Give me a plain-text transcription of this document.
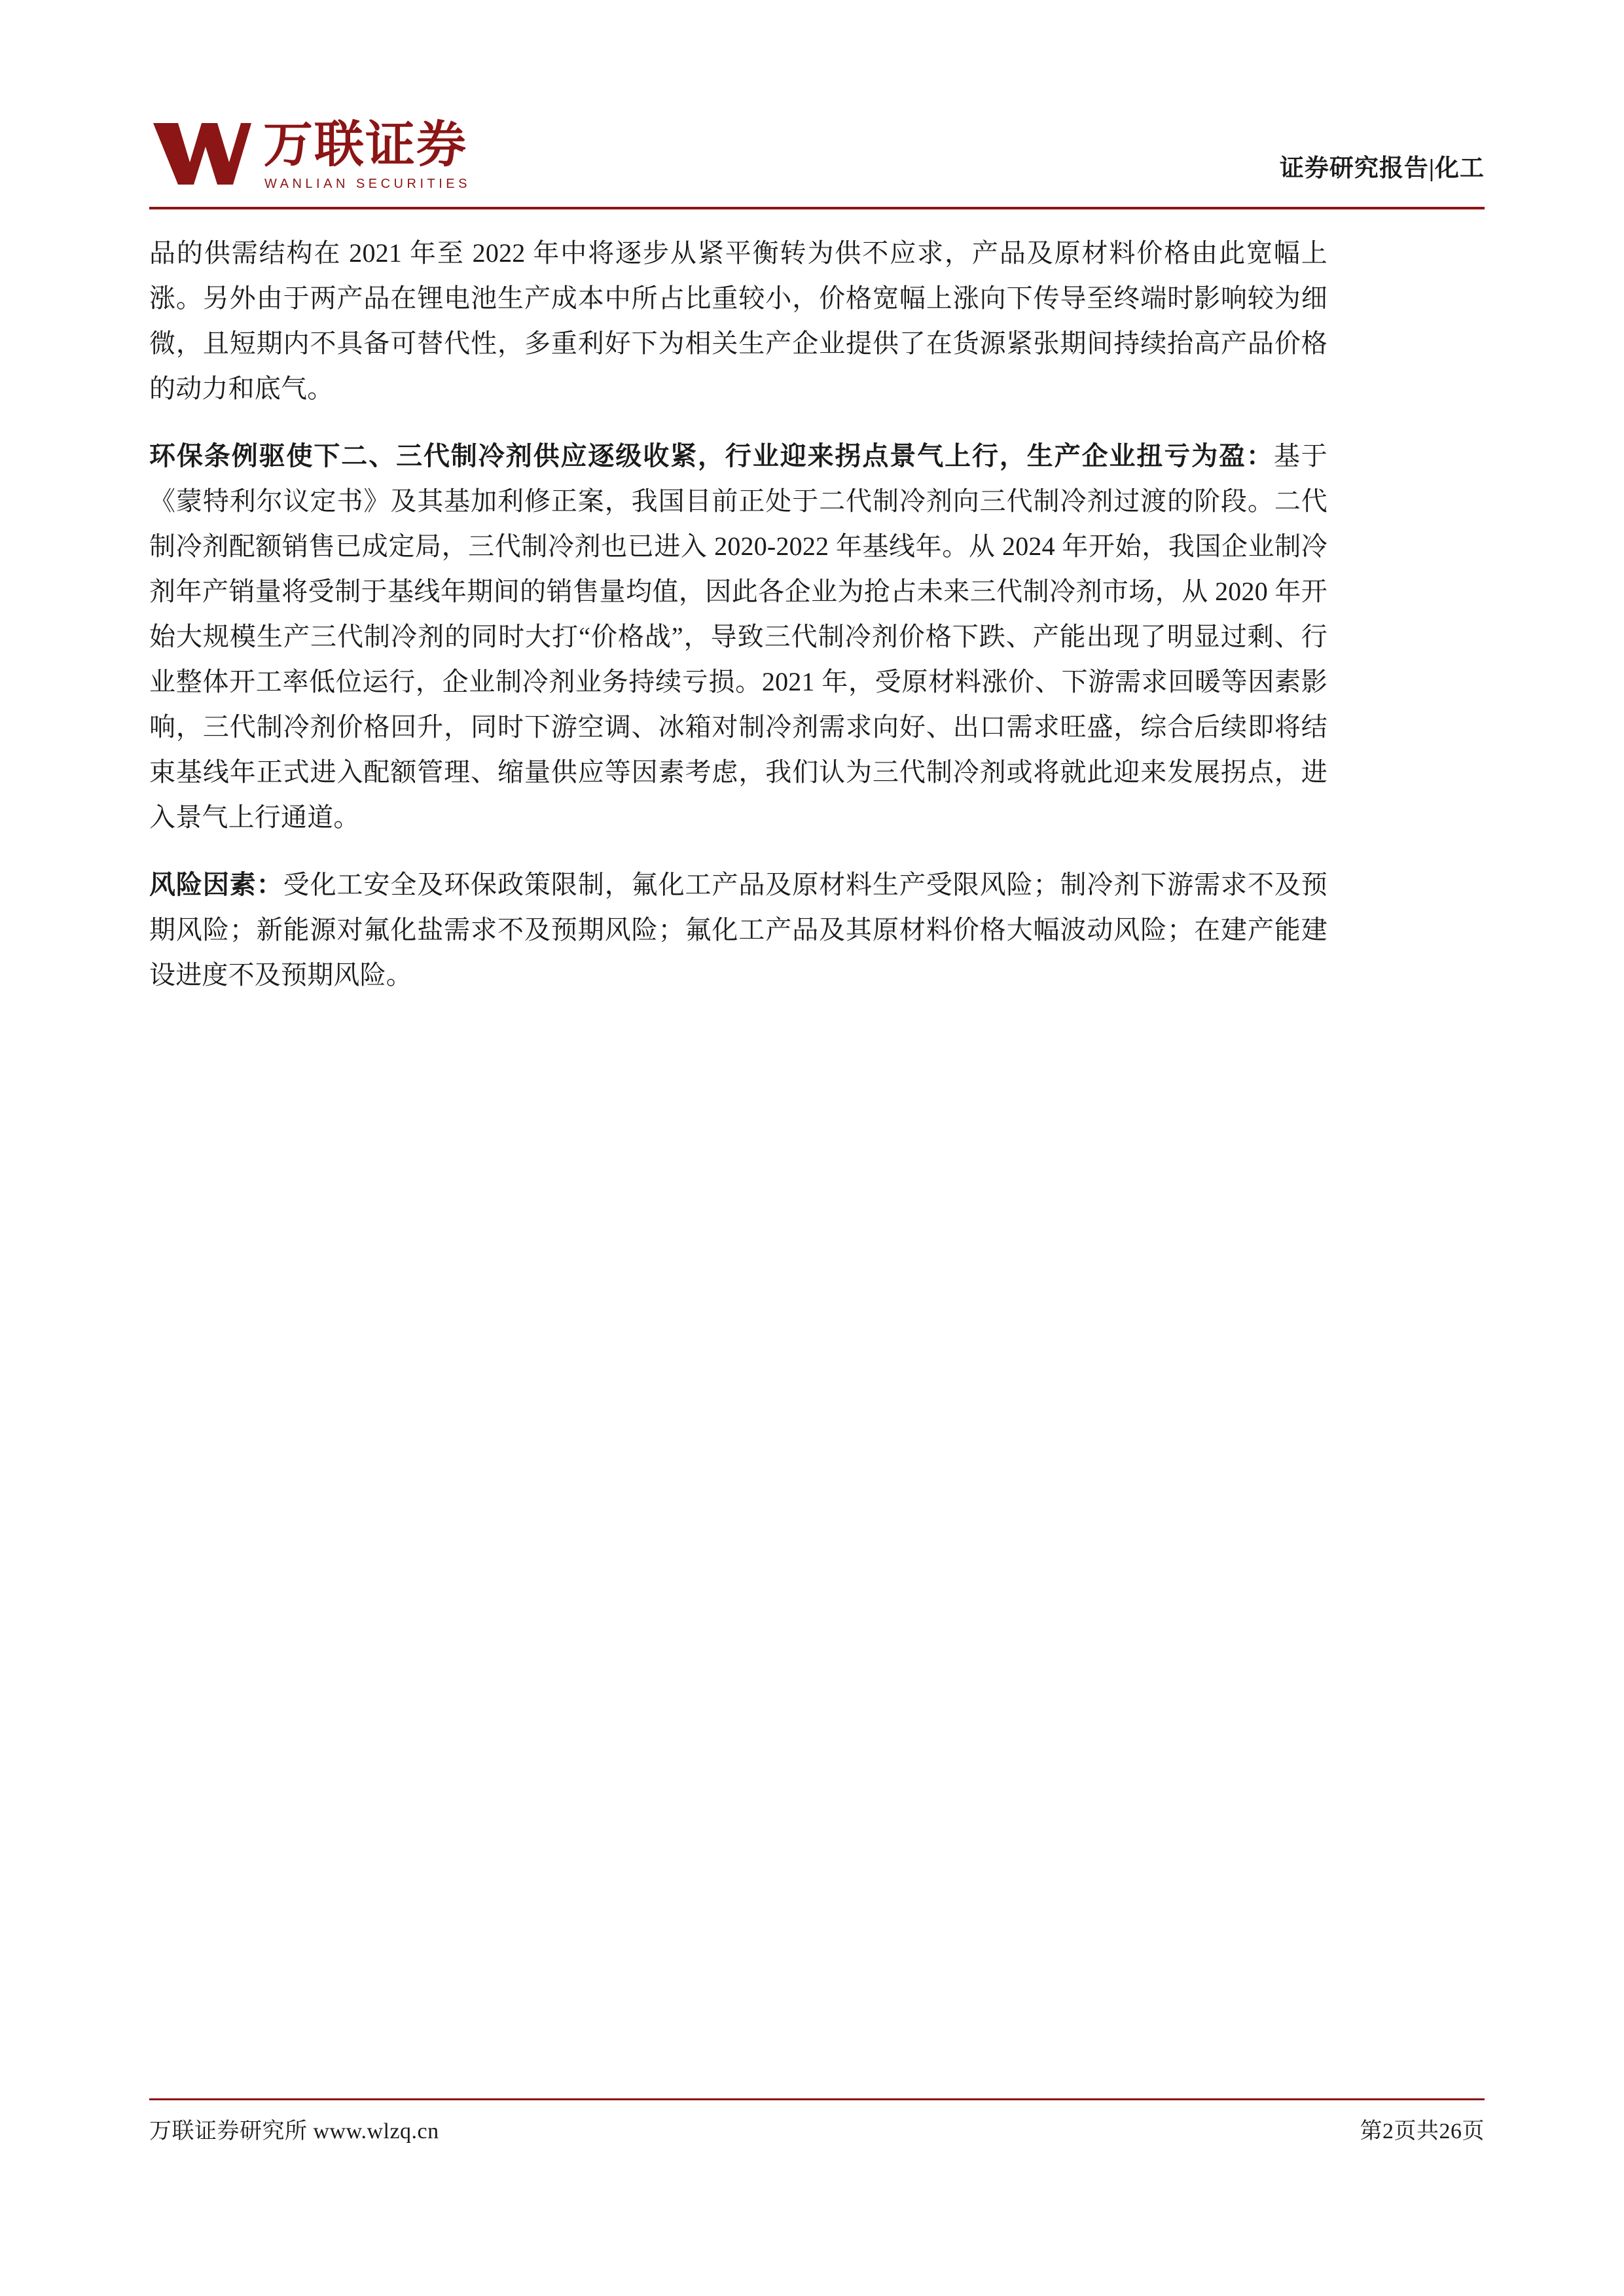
万联证券
WANLIAN SECURITIES
证券研究报告|化工

品的供需结构在 2021 年至 2022 年中将逐步从紧平衡转为供不应求，产品及原材料价格由此宽幅上涨。另外由于两产品在锂电池生产成本中所占比重较小，价格宽幅上涨向下传导至终端时影响较为细微，且短期内不具备可替代性，多重利好下为相关生产企业提供了在货源紧张期间持续抬高产品价格的动力和底气。

环保条例驱使下二、三代制冷剂供应逐级收紧，行业迎来拐点景气上行，生产企业扭亏为盈：基于《蒙特利尔议定书》及其基加利修正案，我国目前正处于二代制冷剂向三代制冷剂过渡的阶段。二代制冷剂配额销售已成定局，三代制冷剂也已进入 2020-2022 年基线年。从 2024 年开始，我国企业制冷剂年产销量将受制于基线年期间的销售量均值，因此各企业为抢占未来三代制冷剂市场，从 2020 年开始大规模生产三代制冷剂的同时大打“价格战”，导致三代制冷剂价格下跌、产能出现了明显过剩、行业整体开工率低位运行，企业制冷剂业务持续亏损。2021 年，受原材料涨价、下游需求回暖等因素影响，三代制冷剂价格回升，同时下游空调、冰箱对制冷剂需求向好、出口需求旺盛，综合后续即将结束基线年正式进入配额管理、缩量供应等因素考虑，我们认为三代制冷剂或将就此迎来发展拐点，进入景气上行通道。

风险因素：受化工安全及环保政策限制，氟化工产品及原材料生产受限风险；制冷剂下游需求不及预期风险；新能源对氟化盐需求不及预期风险；氟化工产品及其原材料价格大幅波动风险；在建产能建设进度不及预期风险。

万联证券研究所 www.wlzq.cn	第2页共26页
